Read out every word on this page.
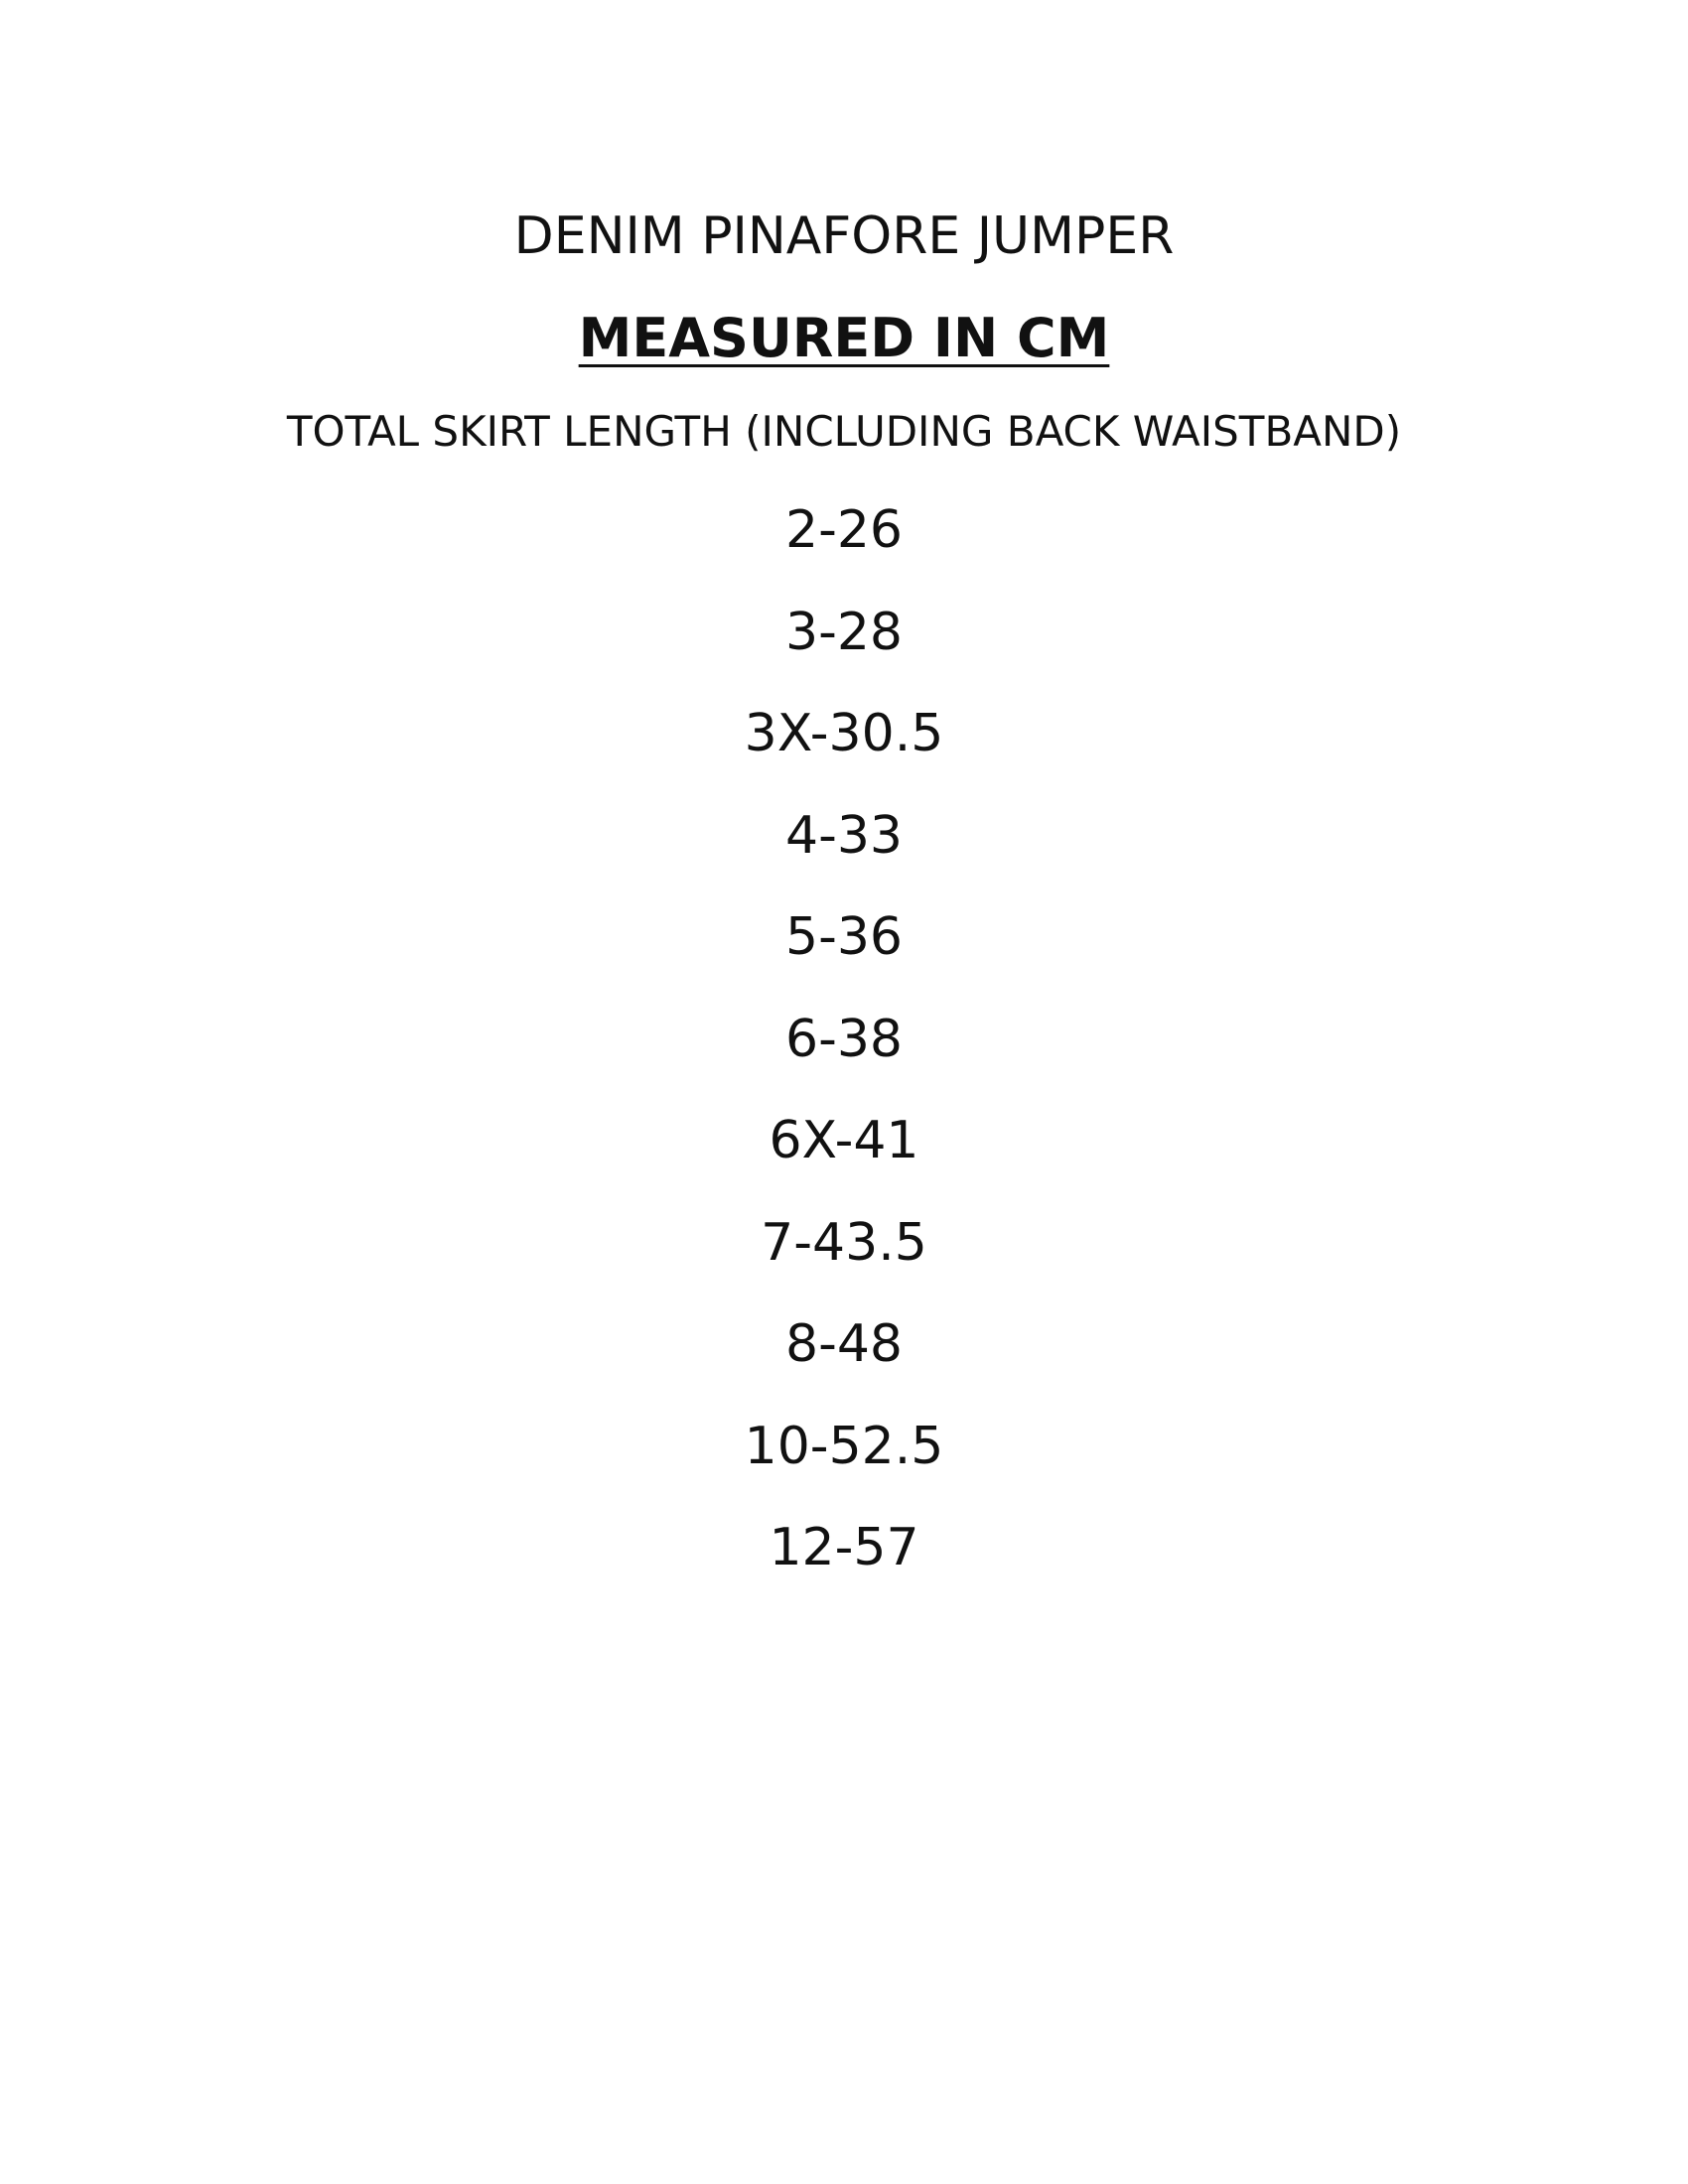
DENIM PINAFORE JUMPER
MEASURED IN CM
TOTAL SKIRT LENGTH (INCLUDING BACK WAISTBAND)
2-26
3-28
3X-30.5
4-33
5-36
6-38
6X-41
7-43.5
8-48
10-52.5
12-57
